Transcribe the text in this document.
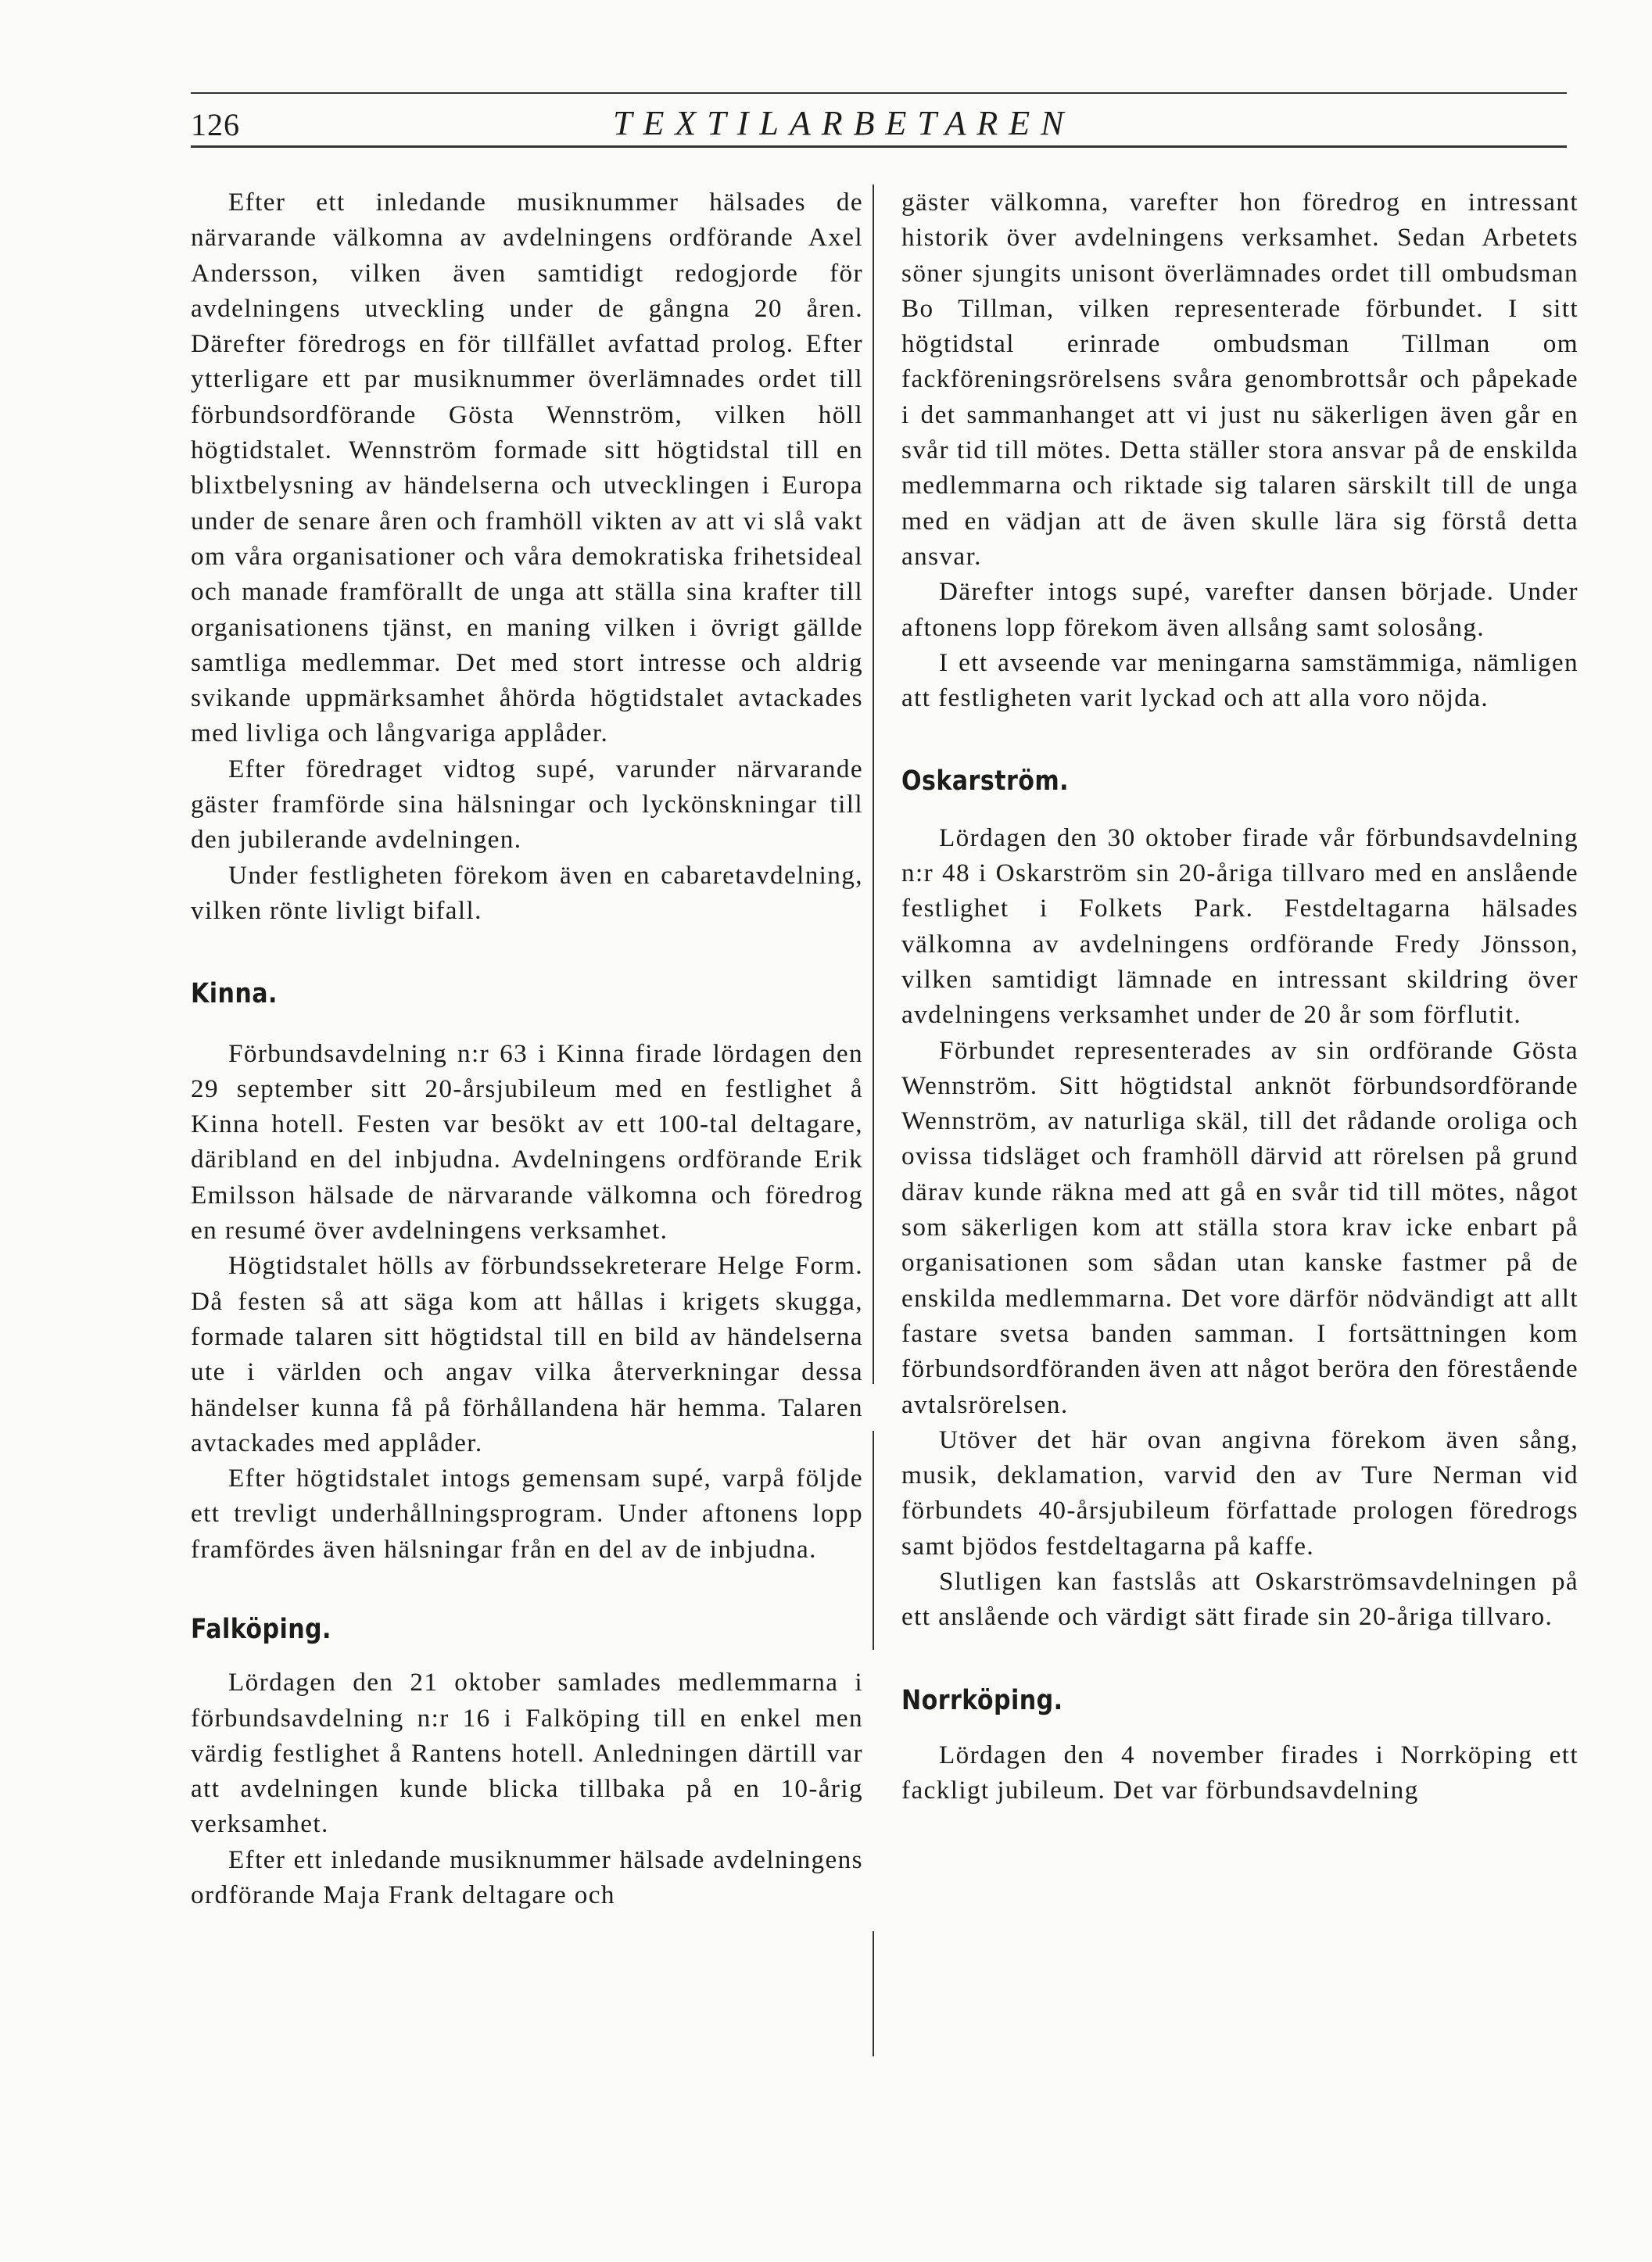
126	TEXTILARBETAREN

Efter ett inledande musiknummer hälsades de närvarande välkomna av avdelningens ordförande Axel Andersson, vilken även samtidigt redogjorde för avdelningens utveckling under de gångna 20 åren. Därefter föredrogs en för tillfället avfattad prolog. Efter ytterligare ett par musiknummer överlämnades ordet till förbundsordförande Gösta Wennström, vilken höll högtidstalet. Wennström formade sitt högtidstal till en blixtbelysning av händelserna och utvecklingen i Europa under de senare åren och framhöll vikten av att vi slå vakt om våra organisationer och våra demokratiska frihetsideal och manade framförallt de unga att ställa sina krafter till organisationens tjänst, en maning vilken i övrigt gällde samtliga medlemmar. Det med stort intresse och aldrig svikande uppmärksamhet åhörda högtidstalet avtackades med livliga och långvariga applåder.

Efter föredraget vidtog supé, varunder närvarande gäster framförde sina hälsningar och lyckönskningar till den jubilerande avdelningen.

Under festligheten förekom även en cabaretavdelning, vilken rönte livligt bifall.

Kinna.

Förbundsavdelning n:r 63 i Kinna firade lördagen den 29 september sitt 20-årsjubileum med en festlighet å Kinna hotell. Festen var besökt av ett 100-tal deltagare, däribland en del inbjudna. Avdelningens ordförande Erik Emilsson hälsade de närvarande välkomna och föredrog en resumé över avdelningens verksamhet.

Högtidstalet hölls av förbundssekreterare Helge Form. Då festen så att säga kom att hållas i krigets skugga, formade talaren sitt högtidstal till en bild av händelserna ute i världen och angav vilka återverkningar dessa händelser kunna få på förhållandena här hemma. Talaren avtackades med applåder.

Efter högtidstalet intogs gemensam supé, varpå följde ett trevligt underhållningsprogram. Under aftonens lopp framfördes även hälsningar från en del av de inbjudna.

Falköping.

Lördagen den 21 oktober samlades medlemmarna i förbundsavdelning n:r 16 i Falköping till en enkel men värdig festlighet å Rantens hotell. Anledningen därtill var att avdelningen kunde blicka tillbaka på en 10-årig verksamhet.

Efter ett inledande musiknummer hälsade avdelningens ordförande Maja Frank deltagare och

gäster välkomna, varefter hon föredrog en intressant historik över avdelningens verksamhet. Sedan Arbetets söner sjungits unisont överlämnades ordet till ombudsman Bo Tillman, vilken representerade förbundet. I sitt högtidstal erinrade ombudsman Tillman om fackföreningsrörelsens svåra genombrottsår och påpekade i det sammanhanget att vi just nu säkerligen även går en svår tid till mötes. Detta ställer stora ansvar på de enskilda medlemmarna och riktade sig talaren särskilt till de unga med en vädjan att de även skulle lära sig förstå detta ansvar.

Därefter intogs supé, varefter dansen började. Under aftonens lopp förekom även allsång samt solosång.

I ett avseende var meningarna samstämmiga, nämligen att festligheten varit lyckad och att alla voro nöjda.

Oskarström.

Lördagen den 30 oktober firade vår förbundsavdelning n:r 48 i Oskarström sin 20-åriga tillvaro med en anslående festlighet i Folkets Park. Festdeltagarna hälsades välkomna av avdelningens ordförande Fredy Jönsson, vilken samtidigt lämnade en intressant skildring över avdelningens verksamhet under de 20 år som förflutit.

Förbundet representerades av sin ordförande Gösta Wennström. Sitt högtidstal anknöt förbundsordförande Wennström, av naturliga skäl, till det rådande oroliga och ovissa tidsläget och framhöll därvid att rörelsen på grund därav kunde räkna med att gå en svår tid till mötes, något som säkerligen kom att ställa stora krav icke enbart på organisationen som sådan utan kanske fastmer på de enskilda medlemmarna. Det vore därför nödvändigt att allt fastare svetsa banden samman. I fortsättningen kom förbundsordföranden även att något beröra den förestående avtalsrörelsen.

Utöver det här ovan angivna förekom även sång, musik, deklamation, varvid den av Ture Nerman vid förbundets 40-årsjubileum författade prologen föredrogs samt bjödos festdeltagarna på kaffe.

Slutligen kan fastslås att Oskarströmsavdelningen på ett anslående och värdigt sätt firade sin 20-åriga tillvaro.

Norrköping.

Lördagen den 4 november firades i Norrköping ett fackligt jubileum. Det var förbundsavdelning
